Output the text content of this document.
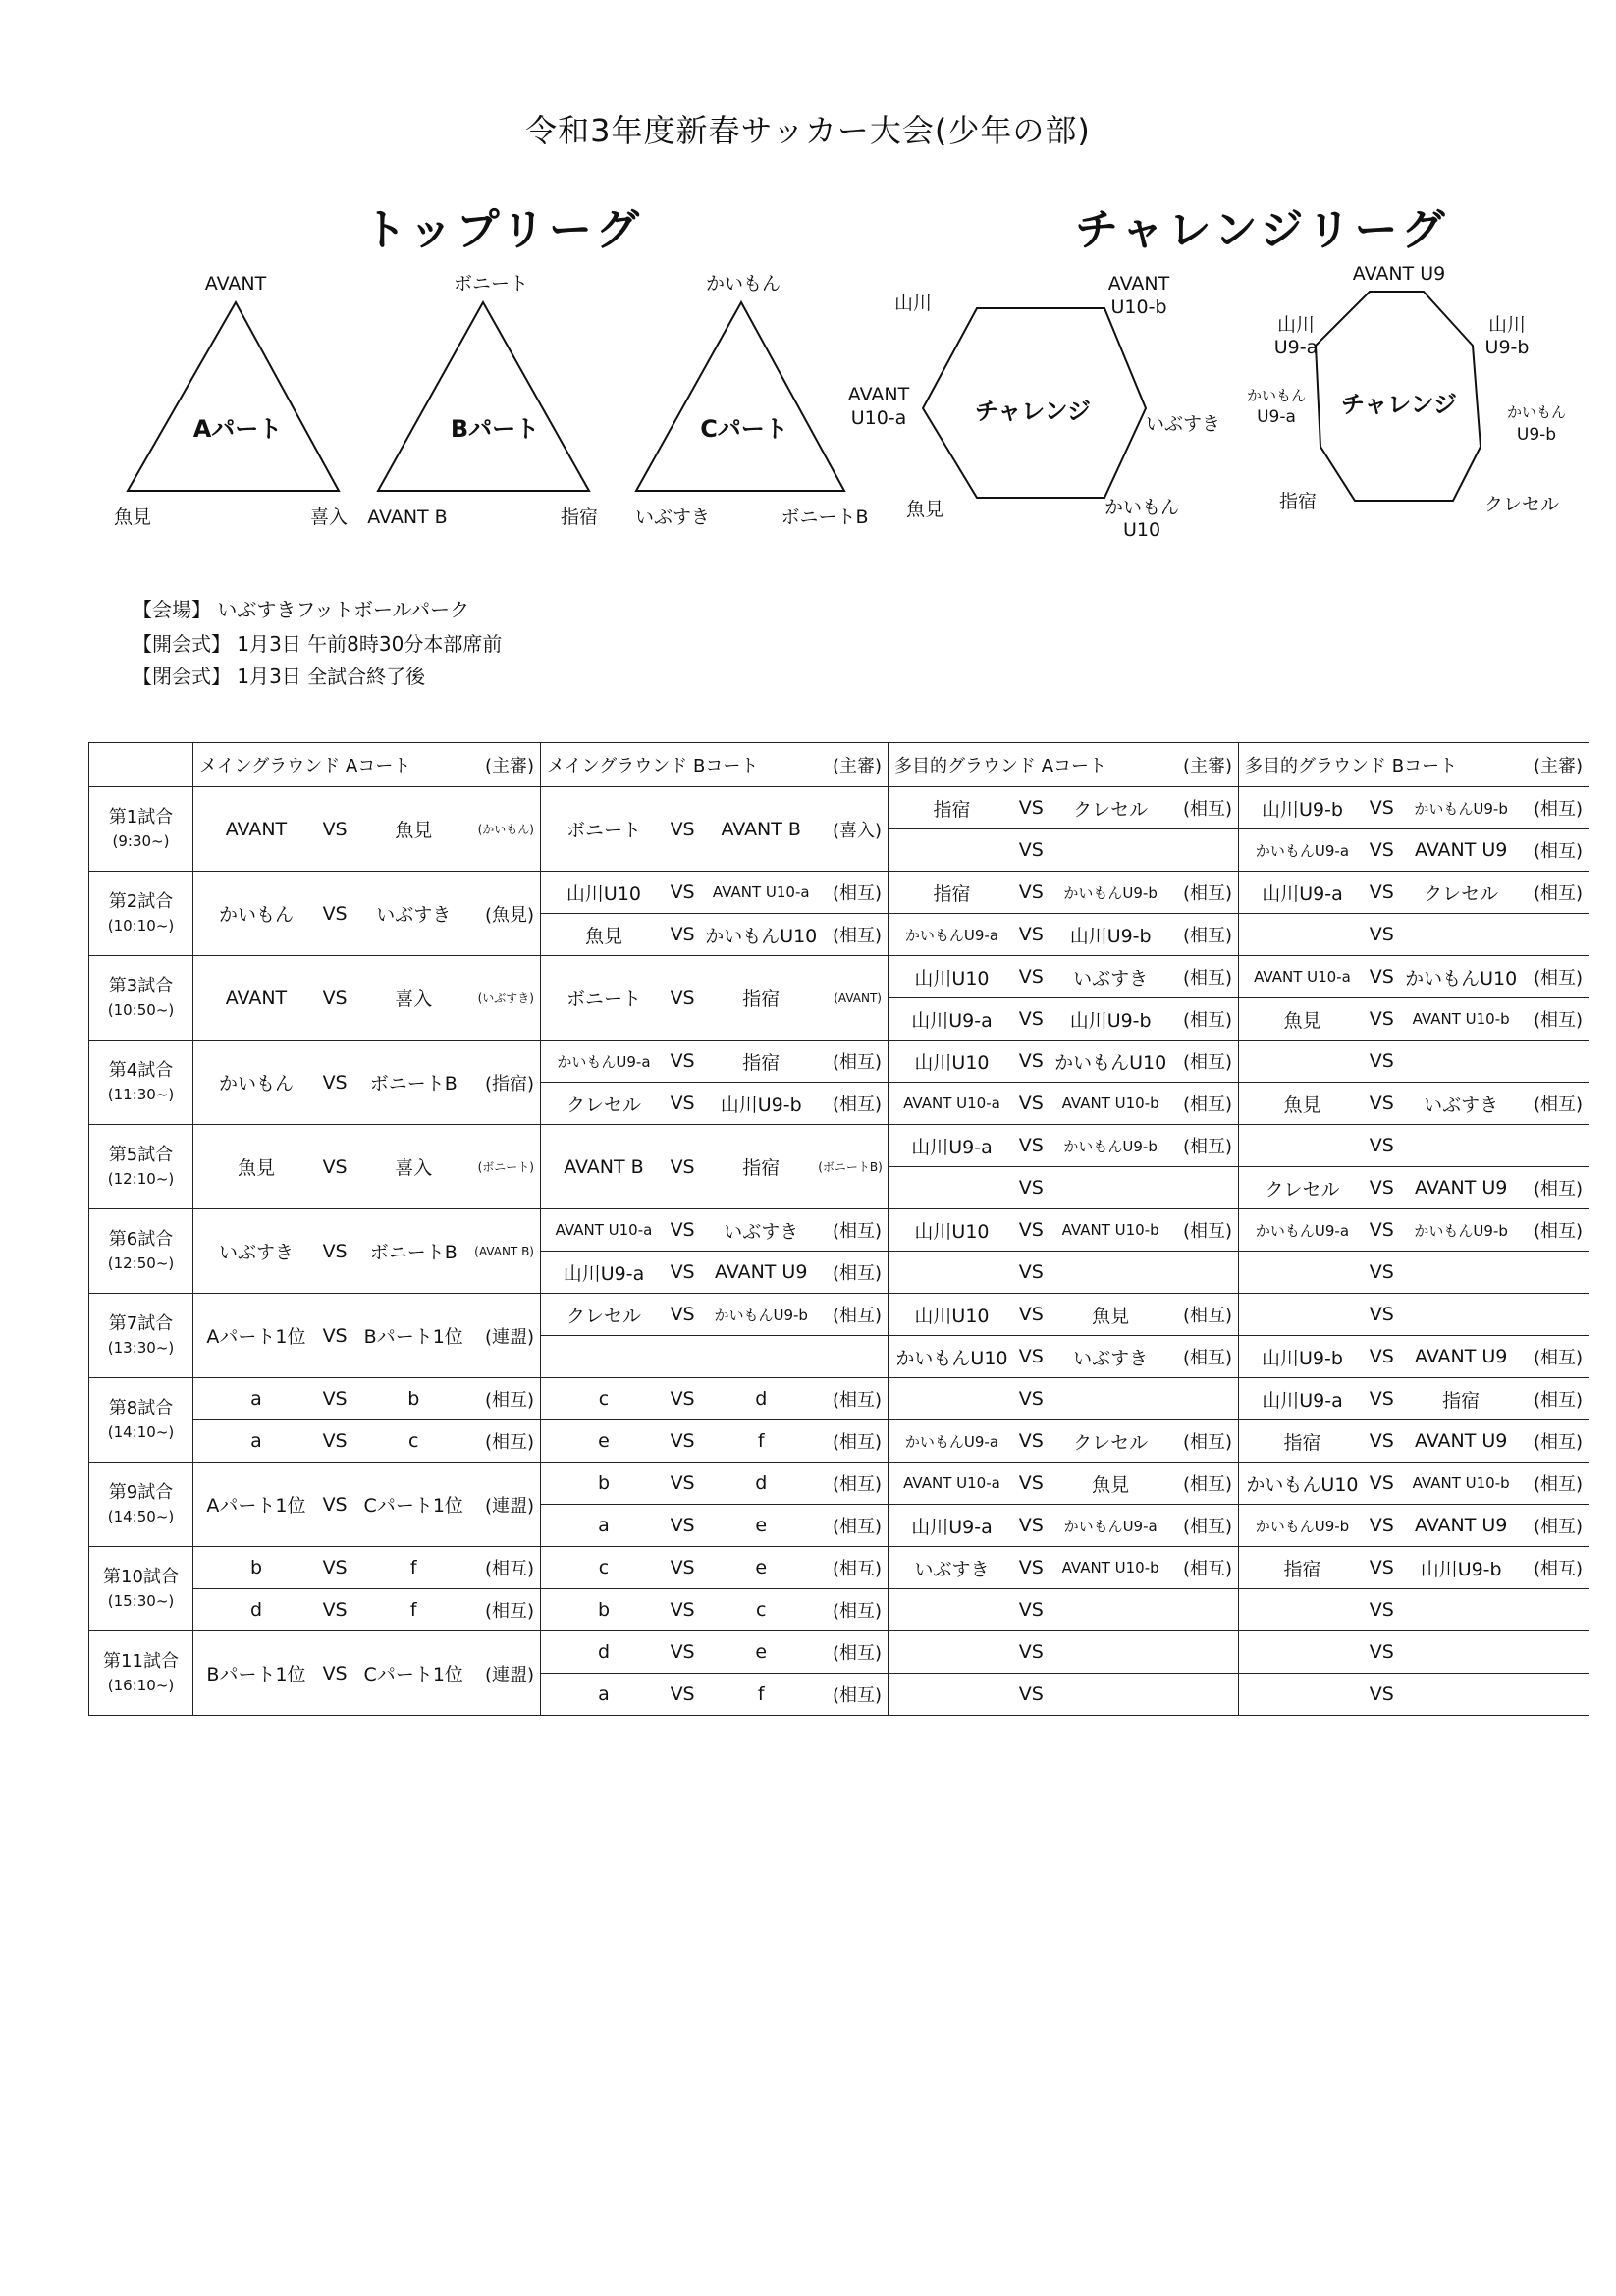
令和3年度新春サッカー大会(少年の部)
トップリーグ	チャレンジリーグ
AVANT
Aパート
魚見	喜入
ボニート
Bパート
AVANT B	指宿
かいもん
Cパート
いぶすき	ボニートB
チャレンジ
山川
AVANT
U10-b
AVANT
U10-a	いぶすき
魚見	かいもん
U10
チャレンジ
AVANT U9
山川
U9-a
山川
U9-b
かいもん
U9-a	かいもん
U9-b
指宿	クレセル
【会場】 いぶすきフットボールパーク
【開会式】 1月3日 午前8時30分本部席前
【閉会式】 1月3日 全試合終了後

	メイングラウンド Aコート (主審)	メイングラウンド Bコート (主審)	多目的グラウンド Aコート (主審)	多目的グラウンド Bコート (主審)

第1試合
(9:30~)	AVANT VS 魚見 (かいもん)	ボニート VS AVANT B (喜入)	指宿 VS クレセル (相互)	山川U9-b VS かいもんU9-b (相互)

			VS	かいもんU9-a VS AVANT U9 (相互)

第2試合
(10:10~)	かいもん VS いぶすき (魚見)	山川U10 VS AVANT U10-a (相互)	指宿 VS かいもんU9-b (相互)	山川U9-a VS クレセル (相互)

		魚見 VS かいもんU10 (相互)	かいもんU9-a VS 山川U9-b (相互)	VS

第3試合
(10:50~)	AVANT VS 喜入 (いぶすき)	ボニート VS 指宿 (AVANT)	山川U10 VS いぶすき (相互)	AVANT U10-a VS かいもんU10 (相互)

			山川U9-a VS 山川U9-b (相互)	魚見 VS AVANT U10-b (相互)

第4試合
(11:30~)	かいもん VS ボニートB (指宿)	かいもんU9-a VS 指宿 (相互)	山川U10 VS かいもんU10 (相互)	VS

		クレセル VS 山川U9-b (相互)	AVANT U10-a VS AVANT U10-b (相互)	魚見 VS いぶすき (相互)

第5試合
(12:10~)	魚見 VS 喜入 (ボニート)	AVANT B VS 指宿 (ボニートB)	山川U9-a VS かいもんU9-b (相互)	VS

			VS	クレセル VS AVANT U9 (相互)

第6試合
(12:50~)	いぶすき VS ボニートB (AVANT B)	AVANT U10-a VS いぶすき (相互)	山川U10 VS AVANT U10-b (相互)	かいもんU9-a VS かいもんU9-b (相互)

		山川U9-a VS AVANT U9 (相互)	VS	VS

第7試合
(13:30~)	Aパート1位 VS Bパート1位 (連盟)	クレセル VS かいもんU9-b (相互)	山川U10 VS 魚見 (相互)	VS

			かいもんU10 VS いぶすき (相互)	山川U9-b VS AVANT U9 (相互)

第8試合
(14:10~)	a VS b (相互)	c VS d (相互)	VS	山川U9-a VS 指宿 (相互)

	a VS c (相互)	e VS f (相互)	かいもんU9-a VS クレセル (相互)	指宿 VS AVANT U9 (相互)

第9試合
(14:50~)	Aパート1位 VS Cパート1位 (連盟)	b VS d (相互)	AVANT U10-a VS 魚見 (相互)	かいもんU10 VS AVANT U10-b (相互)

		a VS e (相互)	山川U9-a VS かいもんU9-a (相互)	かいもんU9-b VS AVANT U9 (相互)

第10試合
(15:30~)	b VS f (相互)	c VS e (相互)	いぶすき VS AVANT U10-b (相互)	指宿 VS 山川U9-b (相互)

	d VS f (相互)	b VS c (相互)	VS	VS

第11試合
(16:10~)	Bパート1位 VS Cパート1位 (連盟)	d VS e (相互)	VS	VS

		a VS f (相互)	VS	VS
